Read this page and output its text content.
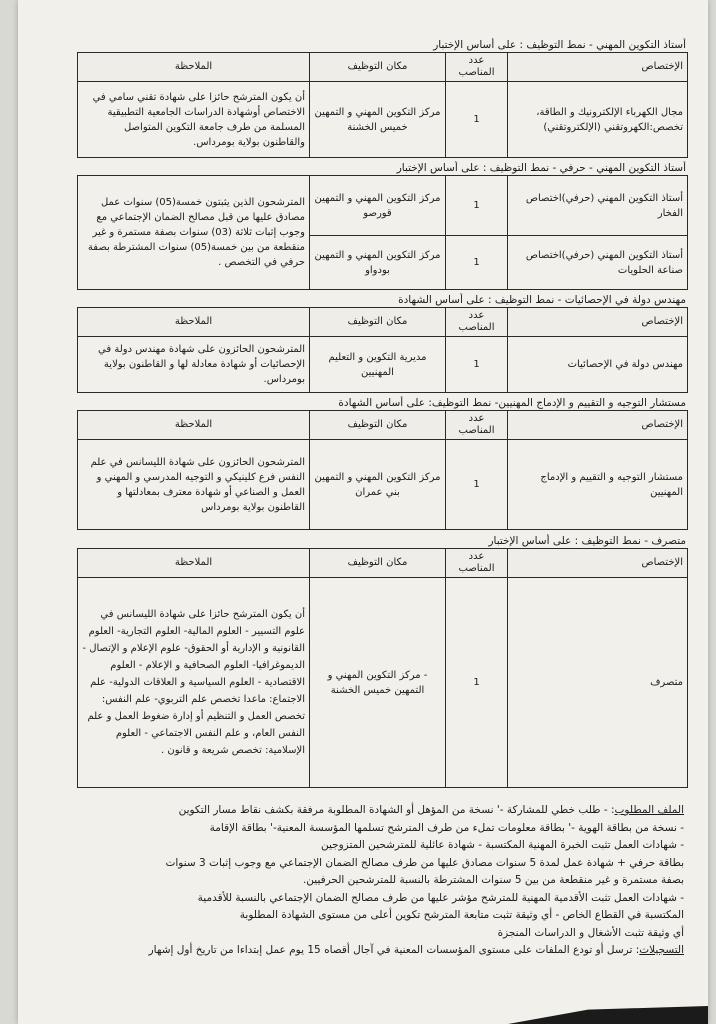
أستاذ التكوين المهني - نمط التوظيف : على أساس الإختبار

الإختصاص	عدد المناصب	مكان التوظيف	الملاحظة
مجال الكهرباء الإلكترونيك و الطاقة، تخصص:الكهروتقني (الإلكتروتقني)	1	مركز التكوين المهني و التمهين خميس الخشنة	أن يكون المترشح حائزا على شهادة تقني سامي في الاختصاص أوشهادة الدراسات الجامعية التطبيقية المسلمة من طرف جامعة التكوين المتواصل والقاطنون بولاية بومرداس.

أستاذ التكوين المهني - حرفي - نمط التوظيف : على أساس الإختبار

أستاذ التكوين المهني (حرفي)اختصاص الفخار	1	مركز التكوين المهني و التمهين قورصو	المترشحون الذين يثبتون خمسة(05) سنوات عمل مصادق عليها من قبل مصالح الضمان الإجتماعي مع وجوب إثبات ثلاثة (03) سنوات بصفة مستمرة و غير منقطعة من بين خمسة(05) سنوات المشترطة بصفة حرفي في التخصص .
أستاذ التكوين المهني (حرفي)اختصاص صناعة الحلويات	1	مركز التكوين المهني و التمهين بودواو	

مهندس دولة في الإحصائيات - نمط التوظيف : على أساس الشهادة

الإختصاص	عدد المناصب	مكان التوظيف	الملاحظة
مهندس دولة في الإحصائيات	1	مديرية التكوين و التعليم المهنيين	المترشحون الحائزون على شهادة مهندس دولة في الإحصائيات أو شهادة معادلة لها و القاطنون بولاية بومرداس.

مستشار التوجيه و التقييم و الإدماج المهنيين- نمط التوظيف: على أساس الشهادة

الإختصاص	عدد المناصب	مكان التوظيف	الملاحظة
مستشار التوجيه و التقييم و الإدماج المهنيين	1	مركز التكوين المهني و التمهين بني عمران	المترشحون الحائزون على شهادة الليسانس في علم النفس فرع كلينيكي و التوجيه المدرسي و المهني و العمل و الصناعي أو شهادة معترف بمعادلتها و القاطنون بولاية بومرداس

متصرف - نمط التوظيف : على أساس الإختبار

الإختصاص	عدد المناصب	مكان التوظيف	الملاحظة
متصرف	1	- مركز التكوين المهني و التمهين خميس الخشنة	أن يكون المترشح حائزا على شهادة الليسانس في علوم التسيير - العلوم المالية- العلوم التجارية- العلوم القانونية و الإدارية أو الحقوق- علوم الإعلام و الإتصال - الديموغرافيا- العلوم الصحافية و الإعلام - العلوم الاقتصادية - العلوم السياسية و العلاقات الدولية- علم الاجتماع: ماعدا تخصص علم التربوي- علم النفس: تخصص العمل و التنظيم أو إدارة ضغوط العمل و علم النفس العام، و علم النفس الاجتماعي - العلوم الإسلامية: تخصص شريعة و قانون .

الملف المطلوب: - طلب خطي للمشاركة -' نسخة من المؤهل أو الشهادة المطلوبة مرفقة بكشف نقاط مسار التكوين

- نسخة من بطاقة الهوية -' بطاقة معلومات تملء من طرف المترشح تسلمها المؤسسة المعنية-' بطاقة الإقامة

- شهادات العمل تثبت الخبرة المهنية المكتسبة - شهادة عائلية للمترشحين المتزوجين

بطاقة حرفي + شهادة عمل لمدة 5 سنوات مصادق عليها من طرف مصالح الضمان الإجتماعي مع وجوب إثبات 3 سنوات

بصفة مستمرة و غير منقطعة من بين 5 سنوات المشترطة بالنسبة للمترشحين الحرفيين.

- شهادات العمل تثبت الأقدمية المهنية للمترشح مؤشر عليها من طرف مصالح الضمان الإجتماعي بالنسبة للأقدمية

المكتسبة في القطاع الخاص - أي وثيقة تثبت متابعة المترشح تكوين أعلى من مستوى الشهادة المطلوبة

أي وثيقة تثبت الأشغال و الدراسات المنجزة

التسجيلات: ترسل أو تودع الملفات على مستوى المؤسسات المعنية في آجال أقصاه 15 يوم عمل إبتداءا من تاريخ أول إشهار
